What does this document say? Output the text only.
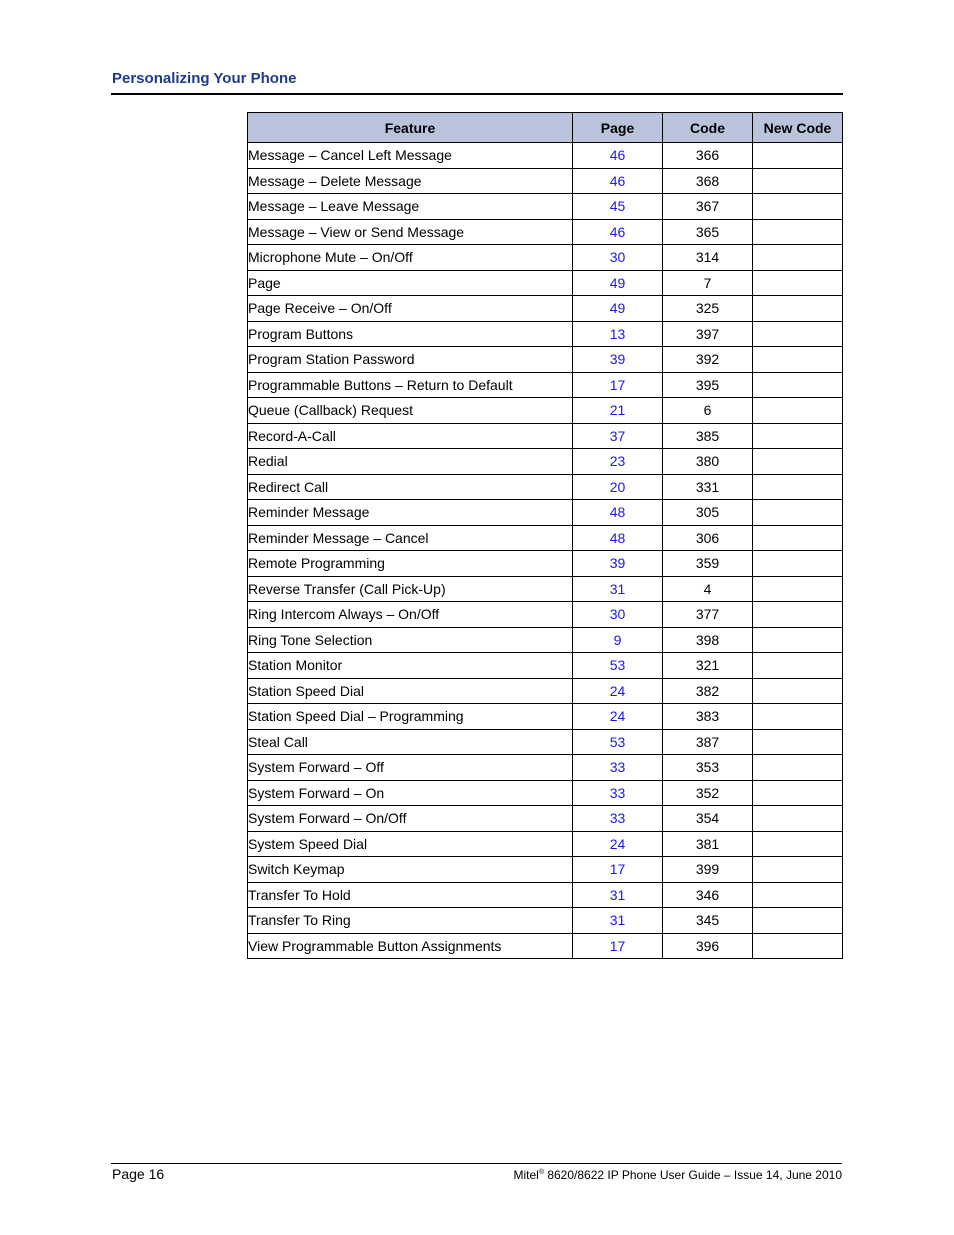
Personalizing Your Phone
Feature	Page	Code	New Code
Message – Cancel Left Message	46	366	
Message – Delete Message	46	368	
Message – Leave Message	45	367	
Message – View or Send Message	46	365	
Microphone Mute – On/Off	30	314	
Page	49	7	
Page Receive – On/Off	49	325	
Program Buttons	13	397	
Program Station Password	39	392	
Programmable Buttons – Return to Default	17	395	
Queue (Callback) Request	21	6	
Record-A-Call	37	385	
Redial	23	380	
Redirect Call	20	331	
Reminder Message	48	305	
Reminder Message – Cancel	48	306	
Remote Programming	39	359	
Reverse Transfer (Call Pick-Up)	31	4	
Ring Intercom Always – On/Off	30	377	
Ring Tone Selection	9	398	
Station Monitor	53	321	
Station Speed Dial	24	382	
Station Speed Dial – Programming	24	383	
Steal Call	53	387	
System Forward – Off	33	353	
System Forward – On	33	352	
System Forward – On/Off	33	354	
System Speed Dial	24	381	
Switch Keymap	17	399	
Transfer To Hold	31	346	
Transfer To Ring	31	345	
View Programmable Button Assignments	17	396	
Page 16	Mitel® 8620/8622 IP Phone User Guide – Issue 14, June 2010
